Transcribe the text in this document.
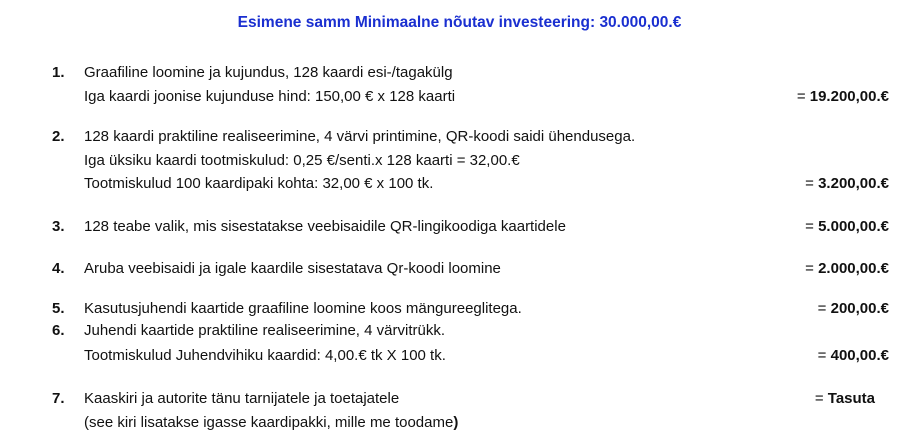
Esimene samm Minimaalne nõutav investeering: 30.000,00.€
1. Graafiline loomine ja kujundus, 128 kaardi esi-/tagakülg
Iga kaardi joonise kujunduse hind: 150,00 € x 128 kaarti	= 19.200,00.€
2. 128 kaardi praktiline realiseerimine, 4 värvi printimine, QR-koodi saidi ühendusega.
Iga üksiku kaardi tootmiskulud: 0,25 €/senti.x 128 kaarti = 32,00.€
Tootmiskulud 100 kaardipaki kohta: 32,00 € x 100 tk.	= 3.200,00.€
3. 128 teabe valik, mis sisestatakse veebisaidile QR-lingikoodiga kaartidele	= 5.000,00.€
4. Aruba veebisaidi ja igale kaardile sisestatava Qr-koodi loomine	= 2.000,00.€
5. Kasutusjuhendi kaartide graafiline loomine koos mängureeglitega.	= 200,00.€
6. Juhendi kaartide praktiline realiseerimine, 4 värvitrükk.
Tootmiskulud Juhendvihiku kaardid: 4,00.€ tk X 100 tk.	= 400,00.€
7. Kaaskiri ja autorite tänu tarnijatele ja toetajatele
(see kiri lisatakse igasse kaardipakki, mille me toodame)
= Tasuta
